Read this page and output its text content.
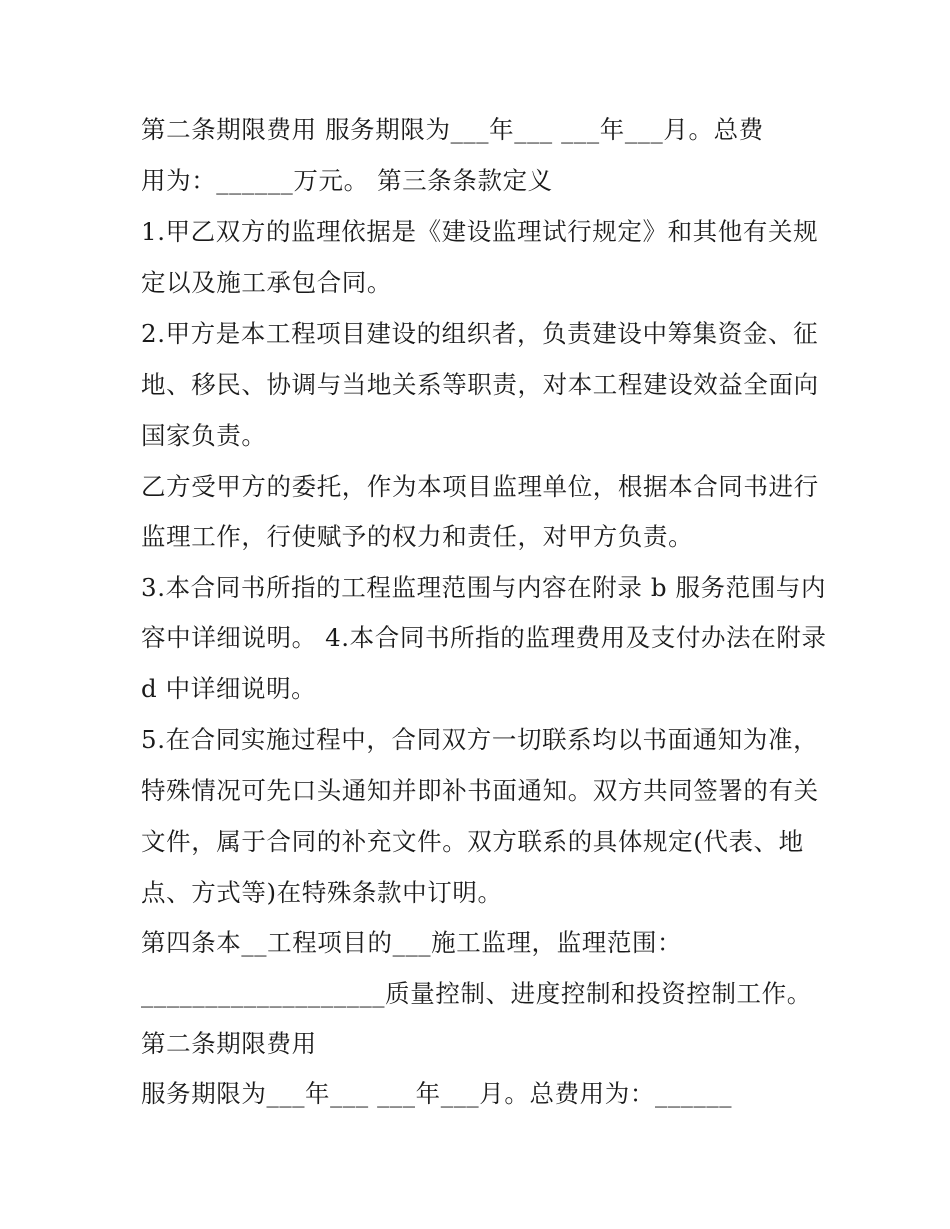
第二条期限费用 服务期限为___年___ ___年___月。总费
用为：______万元。 第三条条款定义
1.甲乙双方的监理依据是《建设监理试行规定》和其他有关规
定以及施工承包合同。
2.甲方是本工程项目建设的组织者，负责建设中筹集资金、征
地、移民、协调与当地关系等职责，对本工程建设效益全面向
国家负责。
乙方受甲方的委托，作为本项目监理单位，根据本合同书进行
监理工作，行使赋予的权力和责任，对甲方负责。
3.本合同书所指的工程监理范围与内容在附录 b 服务范围与内
容中详细说明。 4.本合同书所指的监理费用及支付办法在附录
d 中详细说明。
5.在合同实施过程中，合同双方一切联系均以书面通知为准，
特殊情况可先口头通知并即补书面通知。双方共同签署的有关
文件，属于合同的补充文件。双方联系的具体规定(代表、地
点、方式等)在特殊条款中订明。
第四条本__工程项目的___施工监理，监理范围：
___________________质量控制、进度控制和投资控制工作。
第二条期限费用
服务期限为___年___ ___年___月。总费用为：______
